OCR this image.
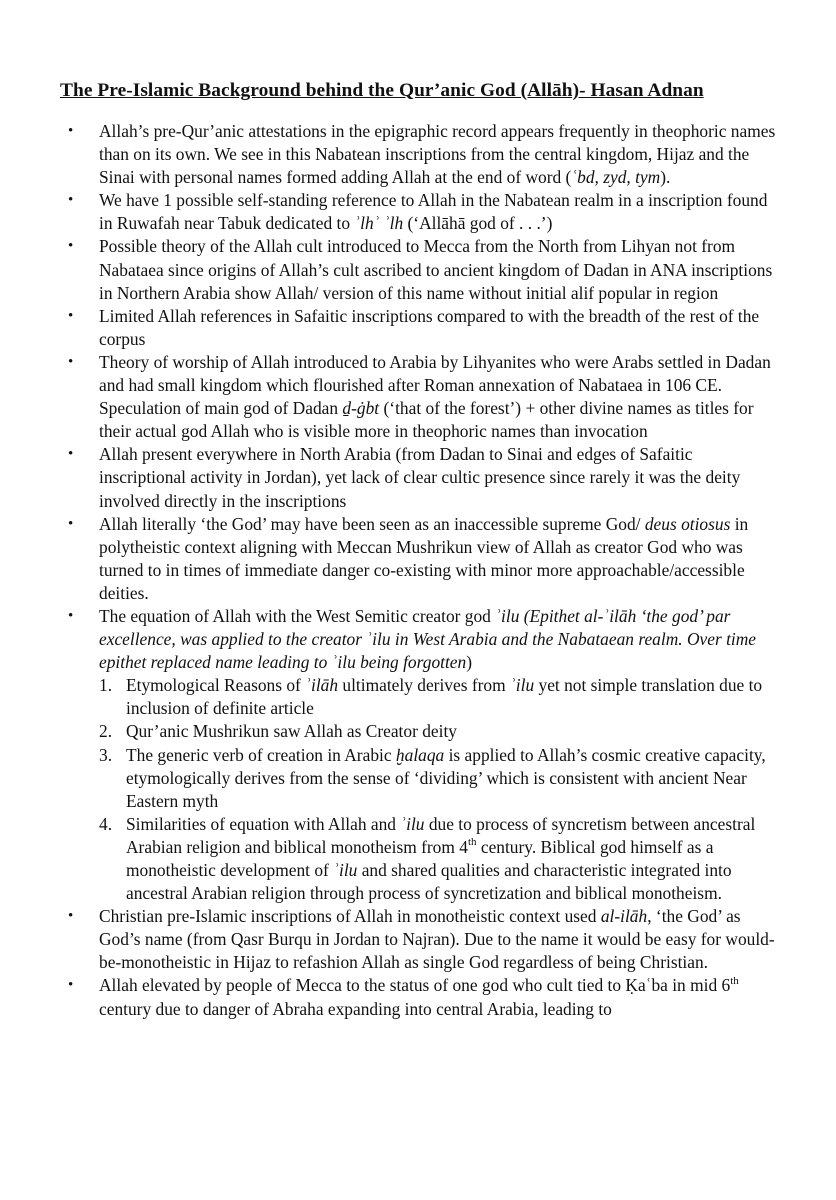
The Pre-Islamic Background behind the Qur’anic God (Allāh)- Hasan Adnan
• Allah’s pre-Qur’anic attestations in the epigraphic record appears frequently in theophoric names than on its own. We see in this Nabatean inscriptions from the central kingdom, Hijaz and the Sinai with personal names formed adding Allah at the end of word (ʿbd, zyd, tym).
• We have 1 possible self-standing reference to Allah in the Nabatean realm in a inscription found in Ruwafah near Tabuk dedicated to ʾlhʾ ʾlh (‘Allāhā god of . . .’)
• Possible theory of the Allah cult introduced to Mecca from the North from Lihyan not from Nabataea since origins of Allah’s cult ascribed to ancient kingdom of Dadan in ANA inscriptions in Northern Arabia show Allah/ version of this name without initial alif popular in region
• Limited Allah references in Safaitic inscriptions compared to with the breadth of the rest of the corpus
• Theory of worship of Allah introduced to Arabia by Lihyanites who were Arabs settled in Dadan and had small kingdom which flourished after Roman annexation of Nabataea in 106 CE. Speculation of main god of Dadan ḏ-ġbt (‘that of the forest’) + other divine names as titles for their actual god Allah who is visible more in theophoric names than invocation
• Allah present everywhere in North Arabia (from Dadan to Sinai and edges of Safaitic inscriptional activity in Jordan), yet lack of clear cultic presence since rarely it was the deity involved directly in the inscriptions
• Allah literally ‘the God’ may have been seen as an inaccessible supreme God/ deus otiosus in polytheistic context aligning with Meccan Mushrikun view of Allah as creator God who was turned to in times of immediate danger co-existing with minor more approachable/accessible deities.
• The equation of Allah with the West Semitic creator god ʾilu (Epithet al-ʾilāh ‘the god’ par excellence, was applied to the creator ʾilu in West Arabia and the Nabataean realm. Over time epithet replaced name leading to ʾilu being forgotten)
1. Etymological Reasons of ʾilāh ultimately derives from ʾilu yet not simple translation due to inclusion of definite article
2. Qur’anic Mushrikun saw Allah as Creator deity
3. The generic verb of creation in Arabic ḫalaqa is applied to Allah’s cosmic creative capacity, etymologically derives from the sense of ‘dividing’ which is consistent with ancient Near Eastern myth
4. Similarities of equation with Allah and ʾilu due to process of syncretism between ancestral Arabian religion and biblical monotheism from 4th century. Biblical god himself as a monotheistic development of ʾilu and shared qualities and characteristic integrated into ancestral Arabian religion through process of syncretization and biblical monotheism.
• Christian pre-Islamic inscriptions of Allah in monotheistic context used al-ilāh, ‘the God’ as God’s name (from Qasr Burqu in Jordan to Najran). Due to the name it would be easy for would-be-monotheistic in Hijaz to refashion Allah as single God regardless of being Christian.
• Allah elevated by people of Mecca to the status of one god who cult tied to Ḳaʿba in mid 6th century due to danger of Abraha expanding into central Arabia, leading to
